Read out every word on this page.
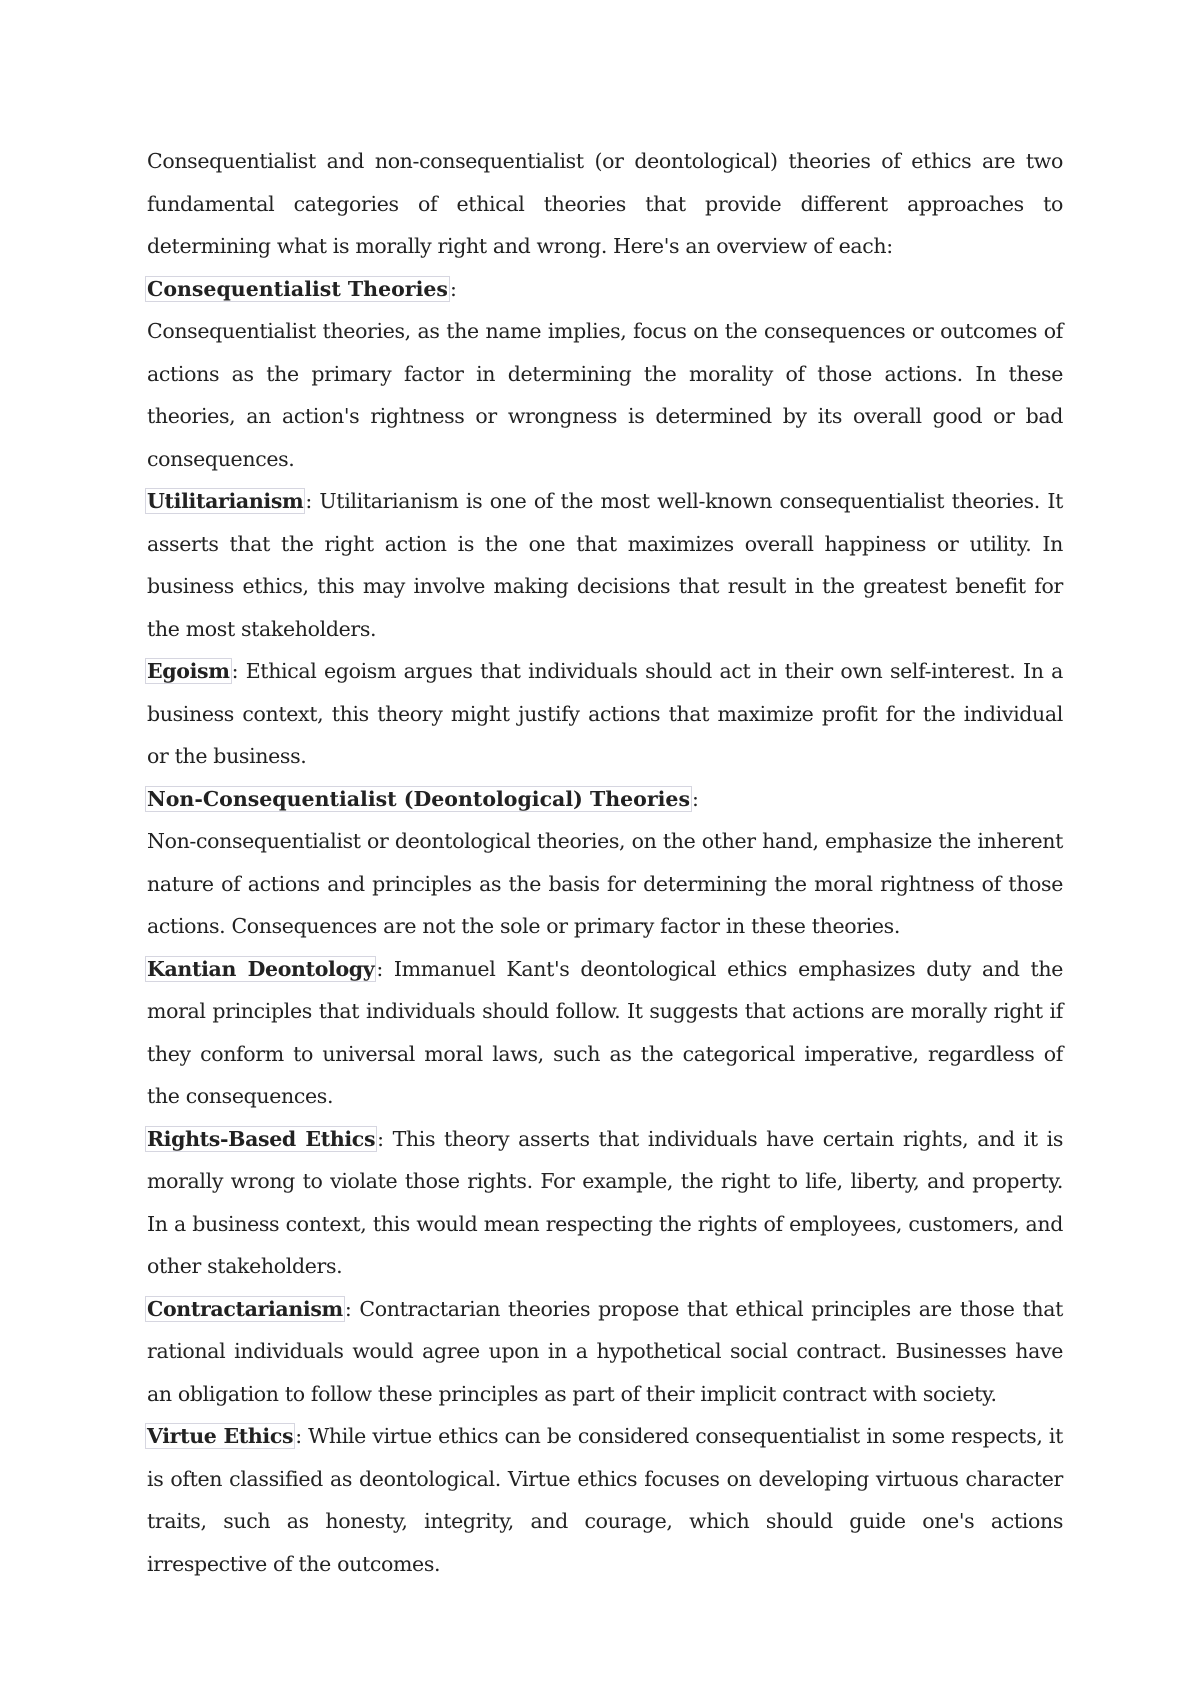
Consequentialist and non-consequentialist (or deontological) theories of ethics are two fundamental categories of ethical theories that provide different approaches to determining what is morally right and wrong. Here's an overview of each:

Consequentialist Theories:

Consequentialist theories, as the name implies, focus on the consequences or outcomes of actions as the primary factor in determining the morality of those actions. In these theories, an action's rightness or wrongness is determined by its overall good or bad consequences.

Utilitarianism: Utilitarianism is one of the most well-known consequentialist theories. It asserts that the right action is the one that maximizes overall happiness or utility. In business ethics, this may involve making decisions that result in the greatest benefit for the most stakeholders.

Egoism: Ethical egoism argues that individuals should act in their own self-interest. In a business context, this theory might justify actions that maximize profit for the individual or the business.

Non-Consequentialist (Deontological) Theories:

Non-consequentialist or deontological theories, on the other hand, emphasize the inherent nature of actions and principles as the basis for determining the moral rightness of those actions. Consequences are not the sole or primary factor in these theories.

Kantian Deontology: Immanuel Kant's deontological ethics emphasizes duty and the moral principles that individuals should follow. It suggests that actions are morally right if they conform to universal moral laws, such as the categorical imperative, regardless of the consequences.

Rights-Based Ethics: This theory asserts that individuals have certain rights, and it is morally wrong to violate those rights. For example, the right to life, liberty, and property. In a business context, this would mean respecting the rights of employees, customers, and other stakeholders.

Contractarianism: Contractarian theories propose that ethical principles are those that rational individuals would agree upon in a hypothetical social contract. Businesses have an obligation to follow these principles as part of their implicit contract with society.

Virtue Ethics: While virtue ethics can be considered consequentialist in some respects, it is often classified as deontological. Virtue ethics focuses on developing virtuous character traits, such as honesty, integrity, and courage, which should guide one's actions irrespective of the outcomes.
